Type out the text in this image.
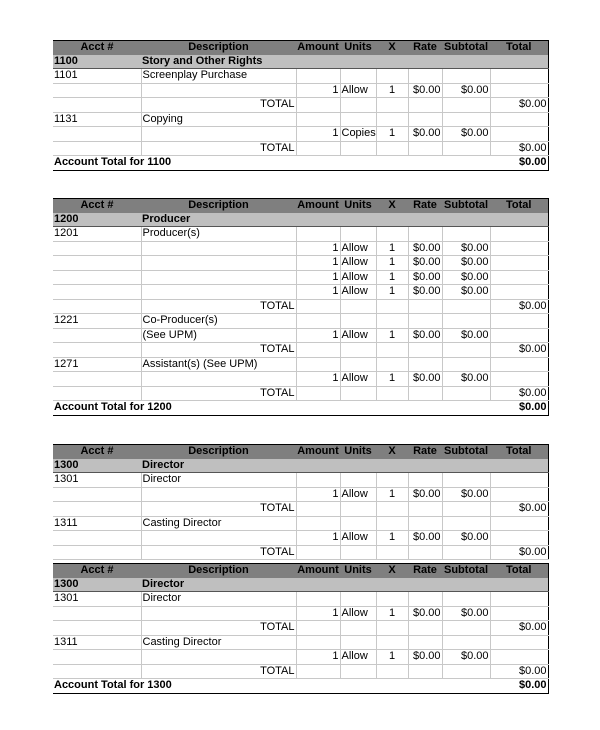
Acct #	Description	Amount	Units	X	Rate	Subtotal	Total
1100	Story and Other Rights						
1101	Screenplay Purchase						
		1	Allow	1	$0.00	$0.00	
	TOTAL						$0.00
1131	Copying						
		1	Copies	1	$0.00	$0.00	
	TOTAL						$0.00
Account Total for 1100							$0.00
Acct #	Description	Amount	Units	X	Rate	Subtotal	Total
1200	Producer						
1201	Producer(s)						
		1	Allow	1	$0.00	$0.00	
		1	Allow	1	$0.00	$0.00	
		1	Allow	1	$0.00	$0.00	
		1	Allow	1	$0.00	$0.00	
	TOTAL						$0.00
1221	Co-Producer(s)						
	(See UPM)	1	Allow	1	$0.00	$0.00	
	TOTAL						$0.00
1271	Assistant(s) (See UPM)						
		1	Allow	1	$0.00	$0.00	
	TOTAL						$0.00
Account Total for 1200							$0.00
Acct #	Description	Amount	Units	X	Rate	Subtotal	Total
1300	Director						
1301	Director						
		1	Allow	1	$0.00	$0.00	
	TOTAL						$0.00
1311	Casting Director						
		1	Allow	1	$0.00	$0.00	
	TOTAL						$0.00
Acct #	Description	Amount	Units	X	Rate	Subtotal	Total
1300	Director						
1301	Director						
		1	Allow	1	$0.00	$0.00	
	TOTAL						$0.00
1311	Casting Director						
		1	Allow	1	$0.00	$0.00	
	TOTAL						$0.00
Account Total for 1300							$0.00
